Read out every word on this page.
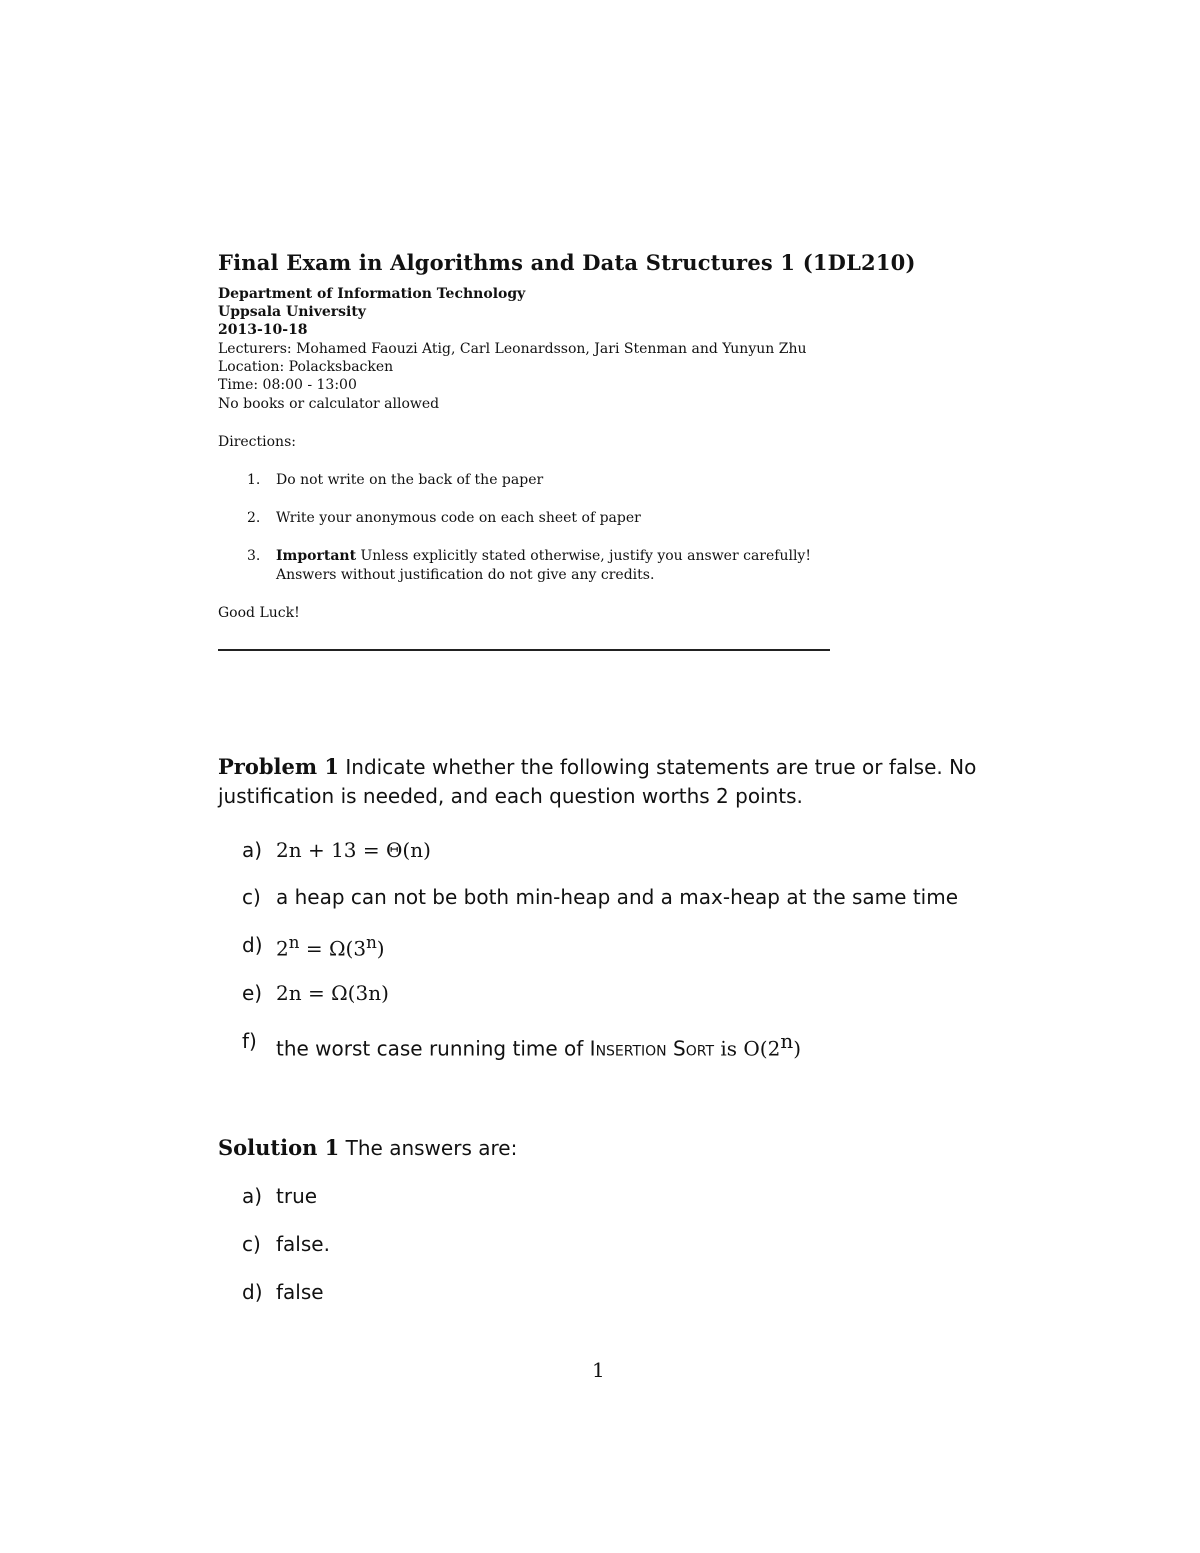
Final Exam in Algorithms and Data Structures 1 (1DL210)
Department of Information Technology
Uppsala University
2013-10-18
Lecturers: Mohamed Faouzi Atig, Carl Leonardsson, Jari Stenman and Yunyun Zhu
Location: Polacksbacken
Time: 08:00 - 13:00
No books or calculator allowed
Directions:
1. Do not write on the back of the paper
2. Write your anonymous code on each sheet of paper
3. Important Unless explicitly stated otherwise, justify you answer carefully!
Answers without justification do not give any credits.
Good Luck!
Problem 1 Indicate whether the following statements are true or false. No
justification is needed, and each question worths 2 points.
a) 2n + 13 = Θ(n)
c) a heap can not be both min-heap and a max-heap at the same time
d) $2^n = \Omega(3^n)$
e) 2n = Ω(3n)
f) the worst case running time of Insertion Sort is O(2$^n$)
Solution 1 The answers are:
a) true
c) false.
d) false
1
